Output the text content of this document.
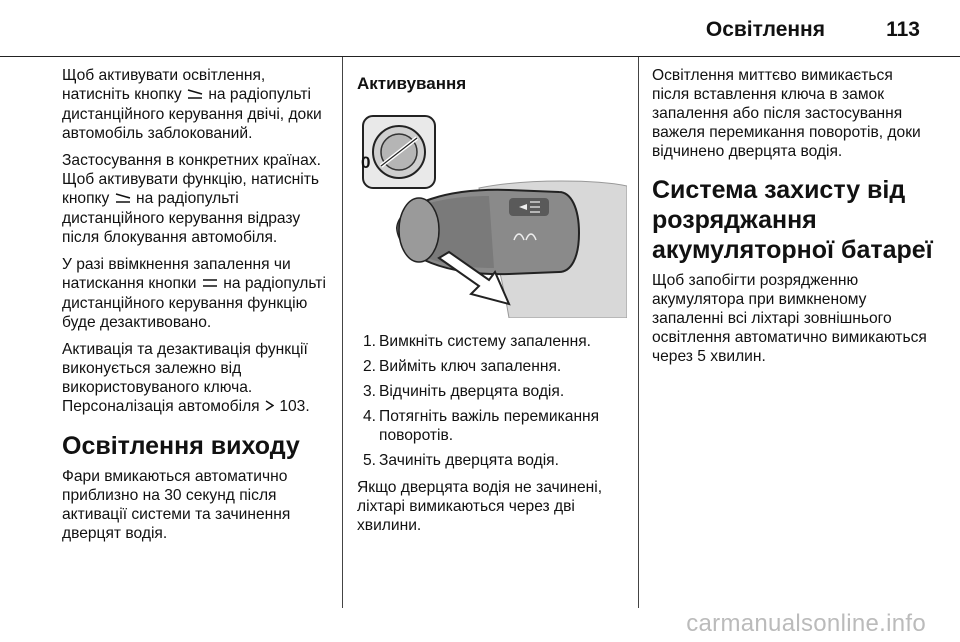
Освітлення	113

Щоб активувати освітлення, натисніть кнопку на радіопульті дистанційного керування двічі, доки автомобіль заблокований.

Застосування в конкретних країнах. Щоб активувати функцію, натисніть кнопку на радіопульті дистанційного керування відразу після блокування автомобіля.

У разі ввімкнення запалення чи натискання кнопки на радіопульті дистанційного керування функцію буде дезактивовано.

Активація та дезактивація функції виконується залежно від використовуваного ключа. Персоналізація автомобіля 103.

Освітлення виходу

Фари вмикаються автоматично приблизно на 30 секунд після активації системи та зачинення дверцят водія.

Активування
0
1. Вимкніть систему запалення.
2. Вийміть ключ запалення.
3. Відчиніть дверцята водія.
4. Потягніть важіль перемикання поворотів.
5. Зачиніть дверцята водія.

Якщо дверцята водія не зачинені, ліхтарі вимикаються через дві хвилини.

Освітлення миттєво вимикається після вставлення ключа в замок запалення або після застосування важеля перемикання поворотів, доки відчинено дверцята водія.

Система захисту від розряджання акумуляторної батареї

Щоб запобігти розрядженню акумулятора при вимкненому запаленні всі ліхтарі зовнішнього освітлення автоматично вимикаються через 5 хвилин.

carmanualsonline.info
